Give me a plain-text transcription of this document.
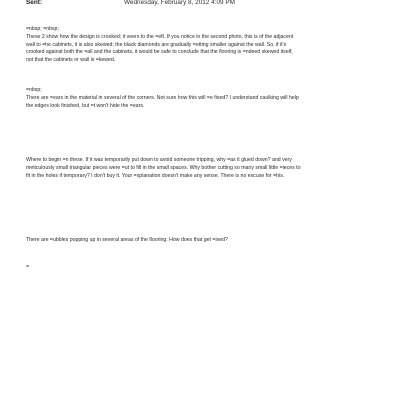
Sent:	Wednesday, February 8, 2012 4:09 PM
=nbsp; =nbsp;
These 2 show how the design is crooked; it veers to the =eft. If you notice in the second photo, this is of the adjacent
wall to =he cabinets, it is also skewed; the black diamonds are gradually =etting smaller against the wall. So, if it's
crooked against both the =all and the cabinets, it would be safe to conclude that the flooring is =ndeed skewed itself,
not that the cabinets or wall is =kewed.
=nbsp;
There are =ears in the material in several of the corners. Not sure how this will =e fixed? I understand caulking will help
the edges look finished, but =t won't hide the =ears.
Where to begin =n these. If it was temporarily put down to avoid someone tripping, why =as it glued down? and very
meticulously small triangular pieces were =ut to fill in the small spaces. Why bother cutting so many small little =ieces to
fit in the holes if temporary? I don't buy it. Your =xplanation doesn't make any sense. There is no excuse for =his.
There are =ubbles popping up in several areas of the flooring. How does that get =ixed?
=
